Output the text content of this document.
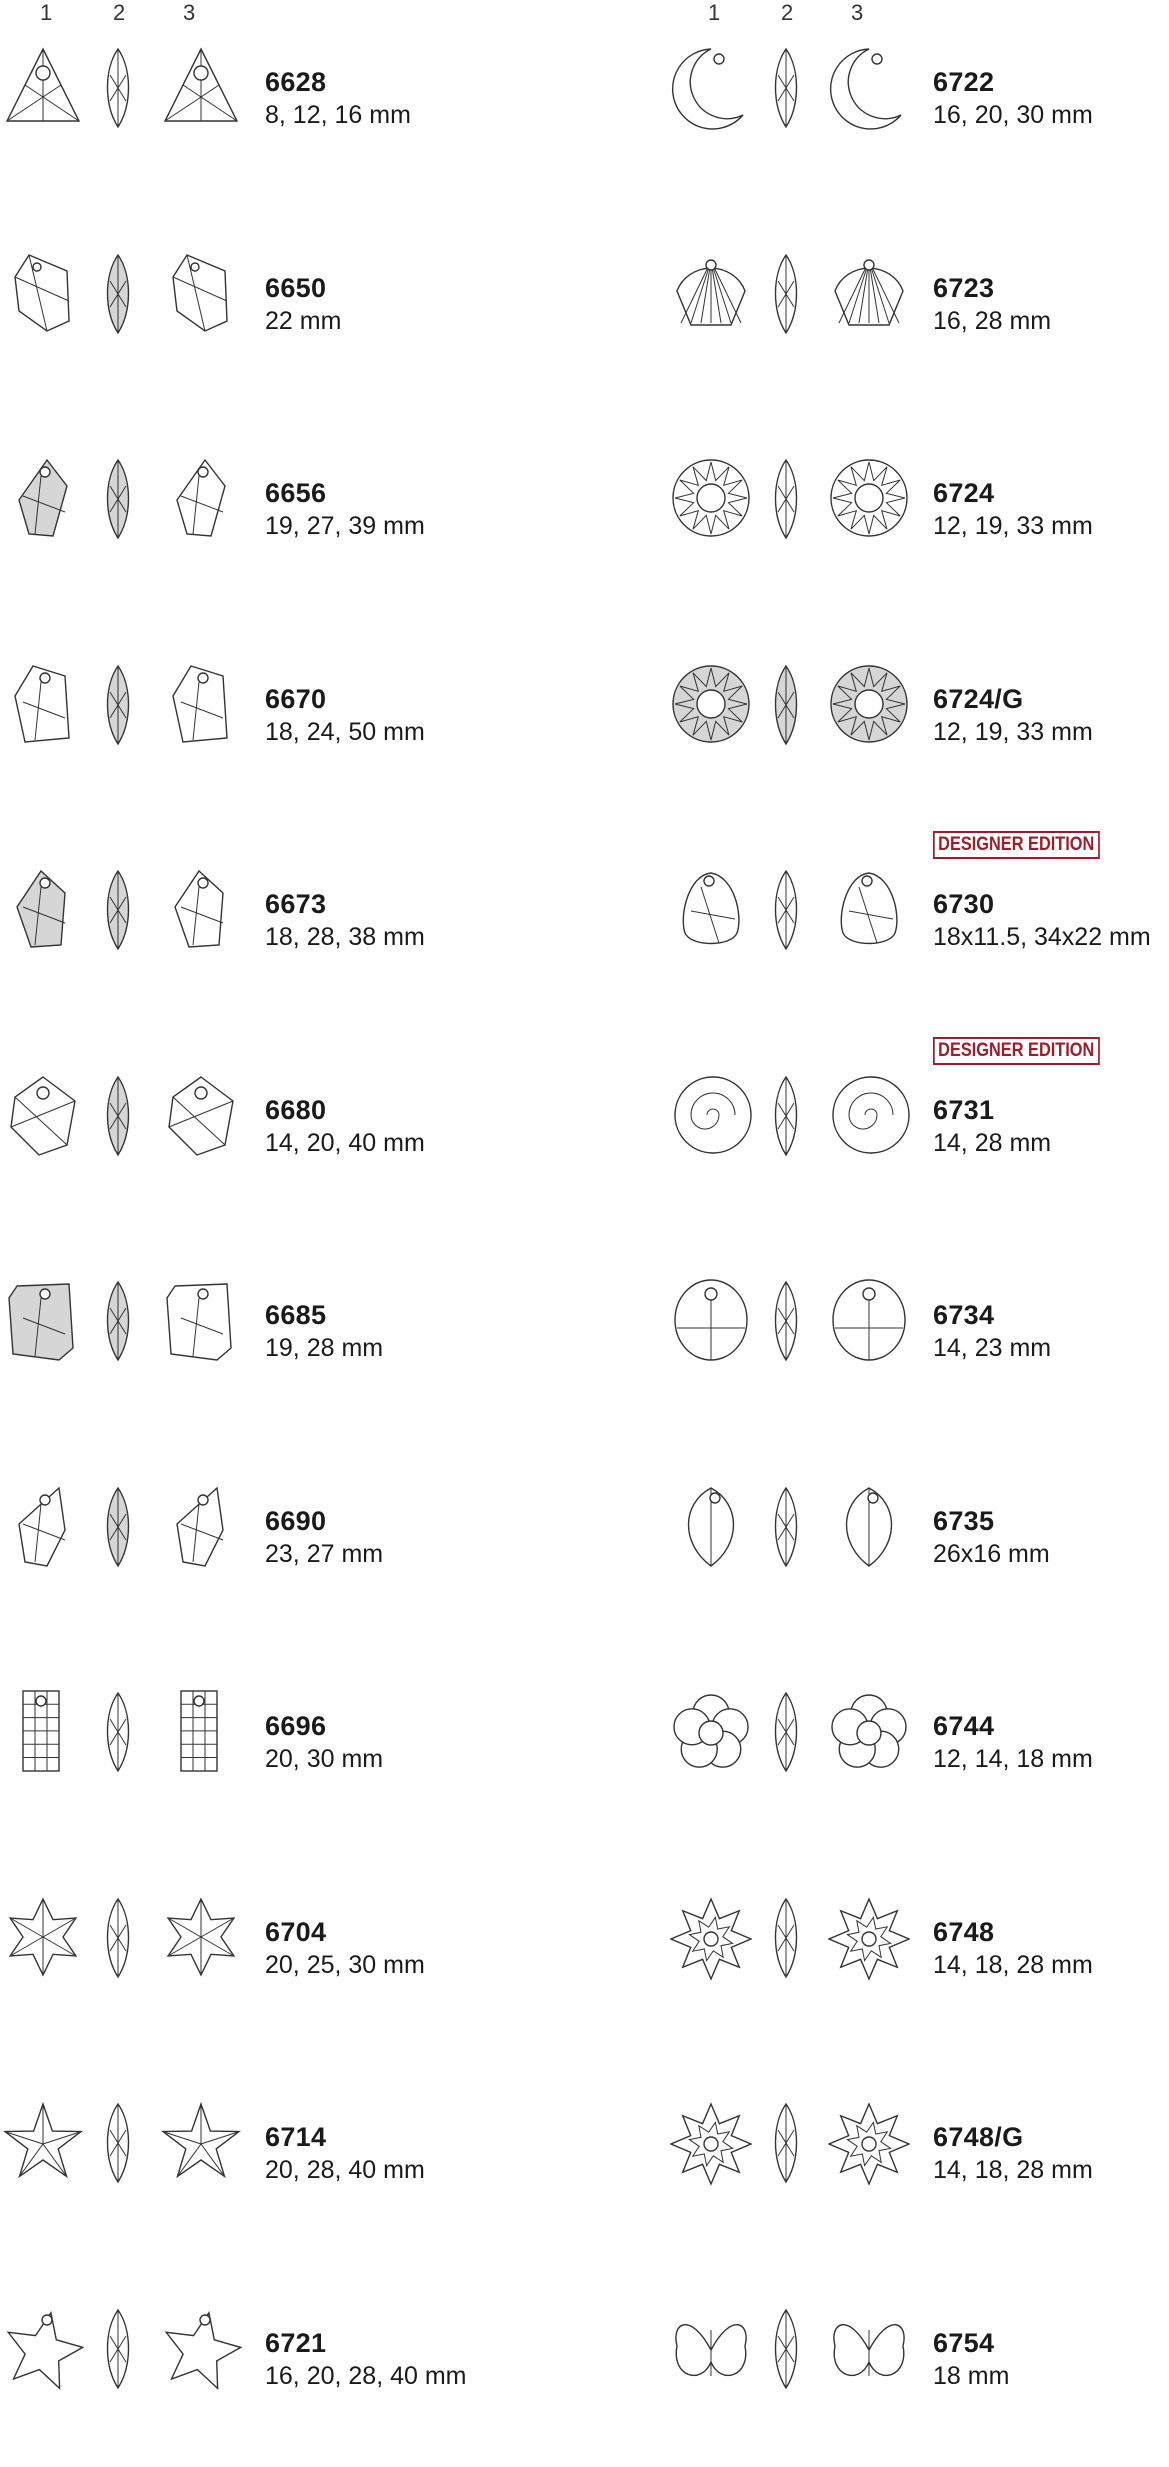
1	2	3
6628
8, 12, 16 mm
6650
22 mm
6656
19, 27, 39 mm
6670
18, 24, 50 mm
6673
18, 28, 38 mm
6680
14, 20, 40 mm
6685
19, 28 mm
6690
23, 27 mm
6696
20, 30 mm
6704
20, 25, 30 mm
6714
20, 28, 40 mm
6721
16, 20, 28, 40 mm
1	2	3
6722
16, 20, 30 mm
6723
16, 28 mm
6724
12, 19, 33 mm
6724/G
12, 19, 33 mm
DESIGNER EDITION
6730
18x11.5, 34x22 mm
DESIGNER EDITION
6731
14, 28 mm
6734
14, 23 mm
6735
26x16 mm
6744
12, 14, 18 mm
6748
14, 18, 28 mm
6748/G
14, 18, 28 mm
6754
18 mm
